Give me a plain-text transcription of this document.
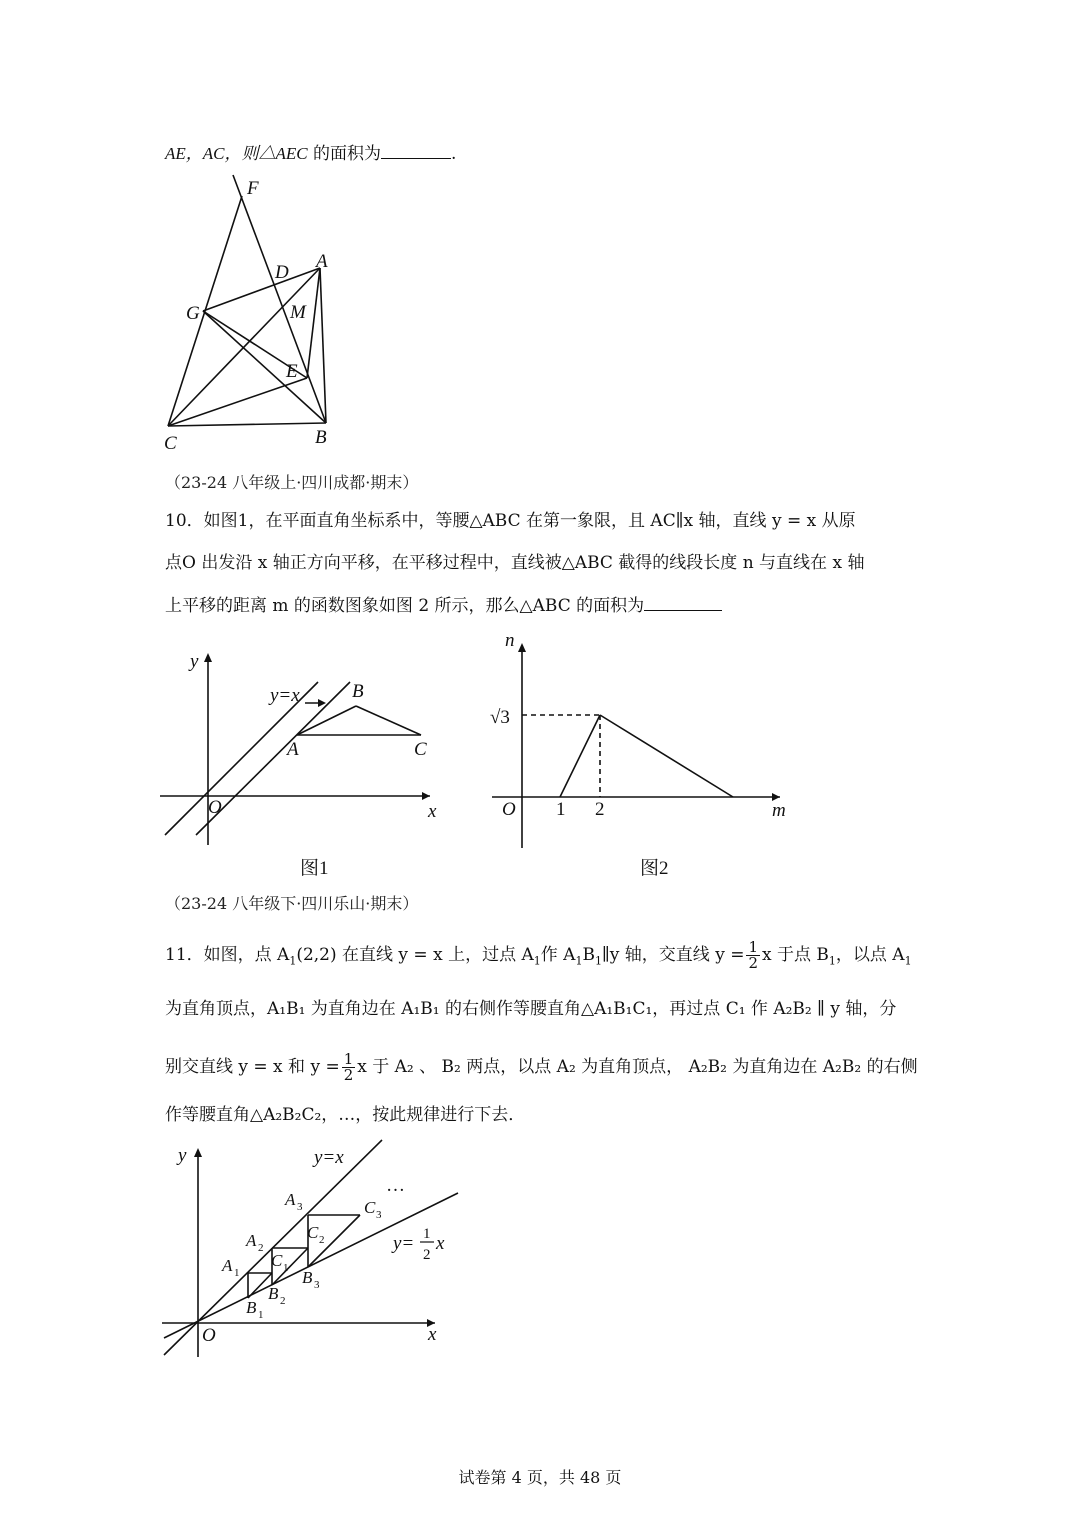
AE，AC，则△AEC 的面积为	.
F
A
D
G	M
E
C	B
（23-24 八年级上·四川成都·期末）
10．如图1，在平面直角坐标系中，等腰△ABC 在第一象限，且 AC∥x 轴，直线 y = x 从原
点O 出发沿 x 轴正方向平移，在平移过程中，直线被△ABC 截得的线段长度 n 与直线在 x 轴
上平移的距离 m 的函数图象如图 2 所示，那么△ABC 的面积为
y
x
O
y=x
A
B
C
图1
n
m
O
√3
1 2
图2
（23-24 八年级下·四川乐山·期末）
11．如图，点 $A_1(2,2)$ 在直线 y = x 上，过点 $A_1$作 $A_1B_1\parallel y$ 轴，交直线 $y = \frac{1}{2}$ x 于点 $B_1$，以点 $A_1$
为直角顶点，A₁B₁ 为直角边在 A₁B₁ 的右侧作等腰直角△A₁B₁C₁，再过点 C₁ 作 A₂B₂ ∥ y 轴，分
别交直线 y = x 和 $y = \frac{1}{2}$ x 于 A₂ 、 B₂ 两点，以点 A₂ 为直角顶点， A₂B₂ 为直角边在 A₂B₂ 的右侧
作等腰直角△A₂B₂C₂，…，按此规律进行下去．
y
x
O
y=x
…
y= 1
2
x
A 1
B 1
C 1
A 2
B 2
C 2
A 3
B 3
C 3
试卷第 4 页，共 48 页
